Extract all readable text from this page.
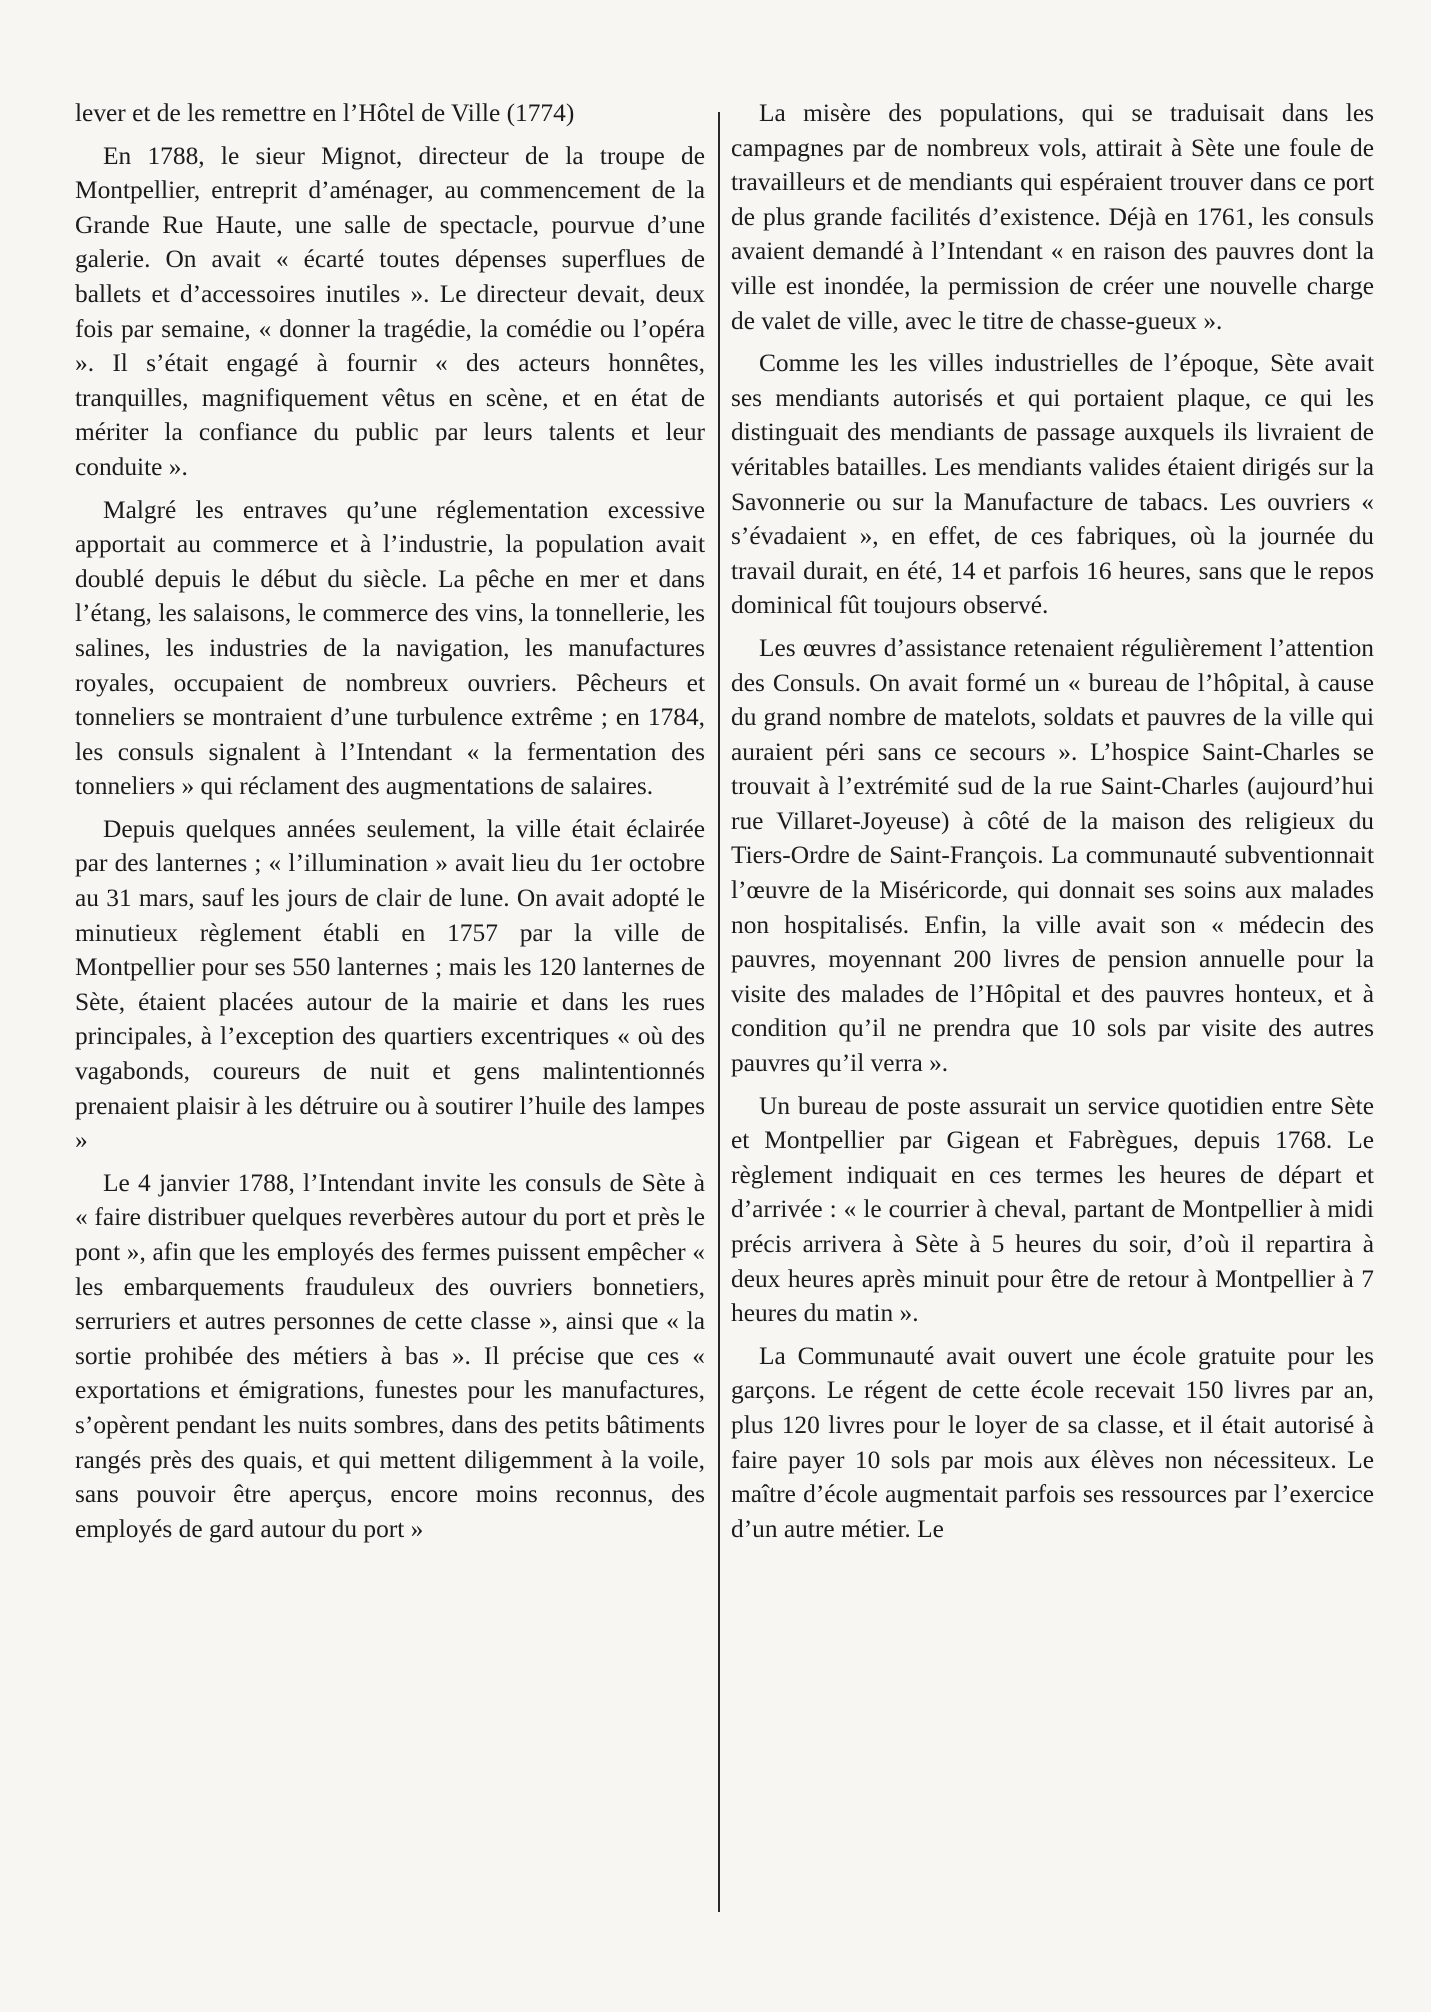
lever et de les remettre en l’Hôtel de Ville (1774)

En 1788, le sieur Mignot, directeur de la troupe de Montpellier, entreprit d’aménager, au commencement de la Grande Rue Haute, une salle de spectacle, pourvue d’une galerie. On avait « écarté toutes dépenses superflues de ballets et d’accessoires inutiles ». Le directeur devait, deux fois par semaine, « donner la tragédie, la comédie ou l’opéra ». Il s’était engagé à fournir « des acteurs honnêtes, tranquilles, magnifiquement vêtus en scène, et en état de mériter la confiance du public par leurs talents et leur conduite ».

Malgré les entraves qu’une réglementation excessive apportait au commerce et à l’industrie, la population avait doublé depuis le début du siècle. La pêche en mer et dans l’étang, les salaisons, le commerce des vins, la tonnellerie, les salines, les industries de la navigation, les manufactures royales, occupaient de nombreux ouvriers. Pêcheurs et tonneliers se montraient d’une turbulence extrême ; en 1784, les consuls signalent à l’Intendant « la fermentation des tonneliers » qui réclament des augmentations de salaires.

Depuis quelques années seulement, la ville était éclairée par des lanternes ; « l’illumination » avait lieu du 1er octobre au 31 mars, sauf les jours de clair de lune. On avait adopté le minutieux règlement établi en 1757 par la ville de Montpellier pour ses 550 lanternes ; mais les 120 lanternes de Sète, étaient placées autour de la mairie et dans les rues principales, à l’exception des quartiers excentriques « où des vagabonds, coureurs de nuit et gens malintentionnés prenaient plaisir à les détruire ou à soutirer l’huile des lampes »

Le 4 janvier 1788, l’Intendant invite les consuls de Sète à « faire distribuer quelques reverbères autour du port et près le pont », afin que les employés des fermes puissent empêcher « les embarquements frauduleux des ouvriers bonnetiers, serruriers et autres personnes de cette classe », ainsi que « la sortie prohibée des métiers à bas ». Il précise que ces « exportations et émigrations, funestes pour les manufactures, s’opèrent pendant les nuits sombres, dans des petits bâtiments rangés près des quais, et qui mettent diligemment à la voile, sans pouvoir être aperçus, encore moins reconnus, des employés de gard autour du port »

La misère des populations, qui se traduisait dans les campagnes par de nombreux vols, attirait à Sète une foule de travailleurs et de mendiants qui espéraient trouver dans ce port de plus grande facilités d’existence. Déjà en 1761, les consuls avaient demandé à l’Intendant « en raison des pauvres dont la ville est inondée, la permission de créer une nouvelle charge de valet de ville, avec le titre de chasse-gueux ».

Comme les les villes industrielles de l’époque, Sète avait ses mendiants autorisés et qui portaient plaque, ce qui les distinguait des mendiants de passage auxquels ils livraient de véritables batailles. Les mendiants valides étaient dirigés sur la Savonnerie ou sur la Manufacture de tabacs. Les ouvriers « s’évadaient », en effet, de ces fabriques, où la journée du travail durait, en été, 14 et parfois 16 heures, sans que le repos dominical fût toujours observé.

Les œuvres d’assistance retenaient régulièrement l’attention des Consuls. On avait formé un « bureau de l’hôpital, à cause du grand nombre de matelots, soldats et pauvres de la ville qui auraient péri sans ce secours ». L’hospice Saint-Charles se trouvait à l’extrémité sud de la rue Saint-Charles (aujourd’hui rue Villaret-Joyeuse) à côté de la maison des religieux du Tiers-Ordre de Saint-François. La communauté subventionnait l’œuvre de la Miséricorde, qui donnait ses soins aux malades non hospitalisés. Enfin, la ville avait son « médecin des pauvres, moyennant 200 livres de pension annuelle pour la visite des malades de l’Hôpital et des pauvres honteux, et à condition qu’il ne prendra que 10 sols par visite des autres pauvres qu’il verra ».

Un bureau de poste assurait un service quotidien entre Sète et Montpellier par Gigean et Fabrègues, depuis 1768. Le règlement indiquait en ces termes les heures de départ et d’arrivée : « le courrier à cheval, partant de Montpellier à midi précis arrivera à Sète à 5 heures du soir, d’où il repartira à deux heures après minuit pour être de retour à Montpellier à 7 heures du matin ».

La Communauté avait ouvert une école gratuite pour les garçons. Le régent de cette école recevait 150 livres par an, plus 120 livres pour le loyer de sa classe, et il était autorisé à faire payer 10 sols par mois aux élèves non nécessiteux. Le maître d’école augmentait parfois ses ressources par l’exercice d’un autre métier. Le
